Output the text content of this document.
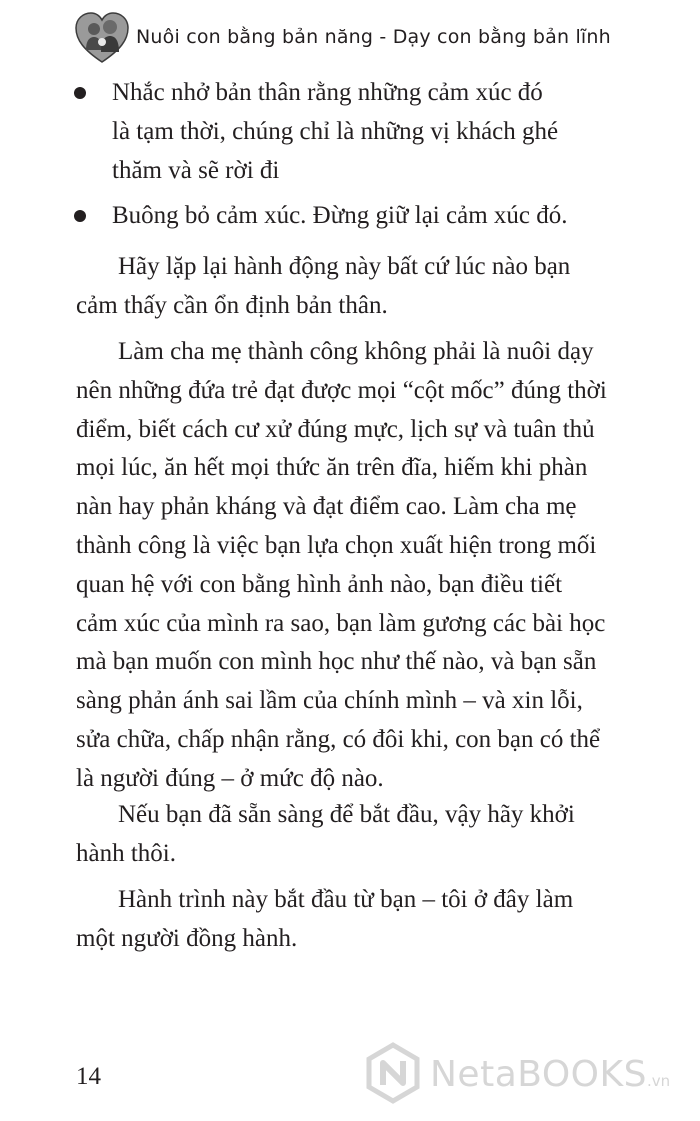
Nuôi con bằng bản năng - Dạy con bằng bản lĩnh
Nhắc nhở bản thân rằng những cảm xúc đó
là tạm thời, chúng chỉ là những vị khách ghé
thăm và sẽ rời đi
Buông bỏ cảm xúc. Đừng giữ lại cảm xúc đó.
Hãy lặp lại hành động này bất cứ lúc nào bạn
cảm thấy cần ổn định bản thân.
Làm cha mẹ thành công không phải là nuôi dạy
nên những đứa trẻ đạt được mọi “cột mốc” đúng thời
điểm, biết cách cư xử đúng mực, lịch sự và tuân thủ
mọi lúc, ăn hết mọi thức ăn trên đĩa, hiếm khi phàn
nàn hay phản kháng và đạt điểm cao. Làm cha mẹ
thành công là việc bạn lựa chọn xuất hiện trong mối
quan hệ với con bằng hình ảnh nào, bạn điều tiết
cảm xúc của mình ra sao, bạn làm gương các bài học
mà bạn muốn con mình học như thế nào, và bạn sẵn
sàng phản ánh sai lầm của chính mình – và xin lỗi,
sửa chữa, chấp nhận rằng, có đôi khi, con bạn có thể
là người đúng – ở mức độ nào.
Nếu bạn đã sẵn sàng để bắt đầu, vậy hãy khởi
hành thôi.
Hành trình này bắt đầu từ bạn – tôi ở đây làm
một người đồng hành.
14	NetaBOOKS.vn
